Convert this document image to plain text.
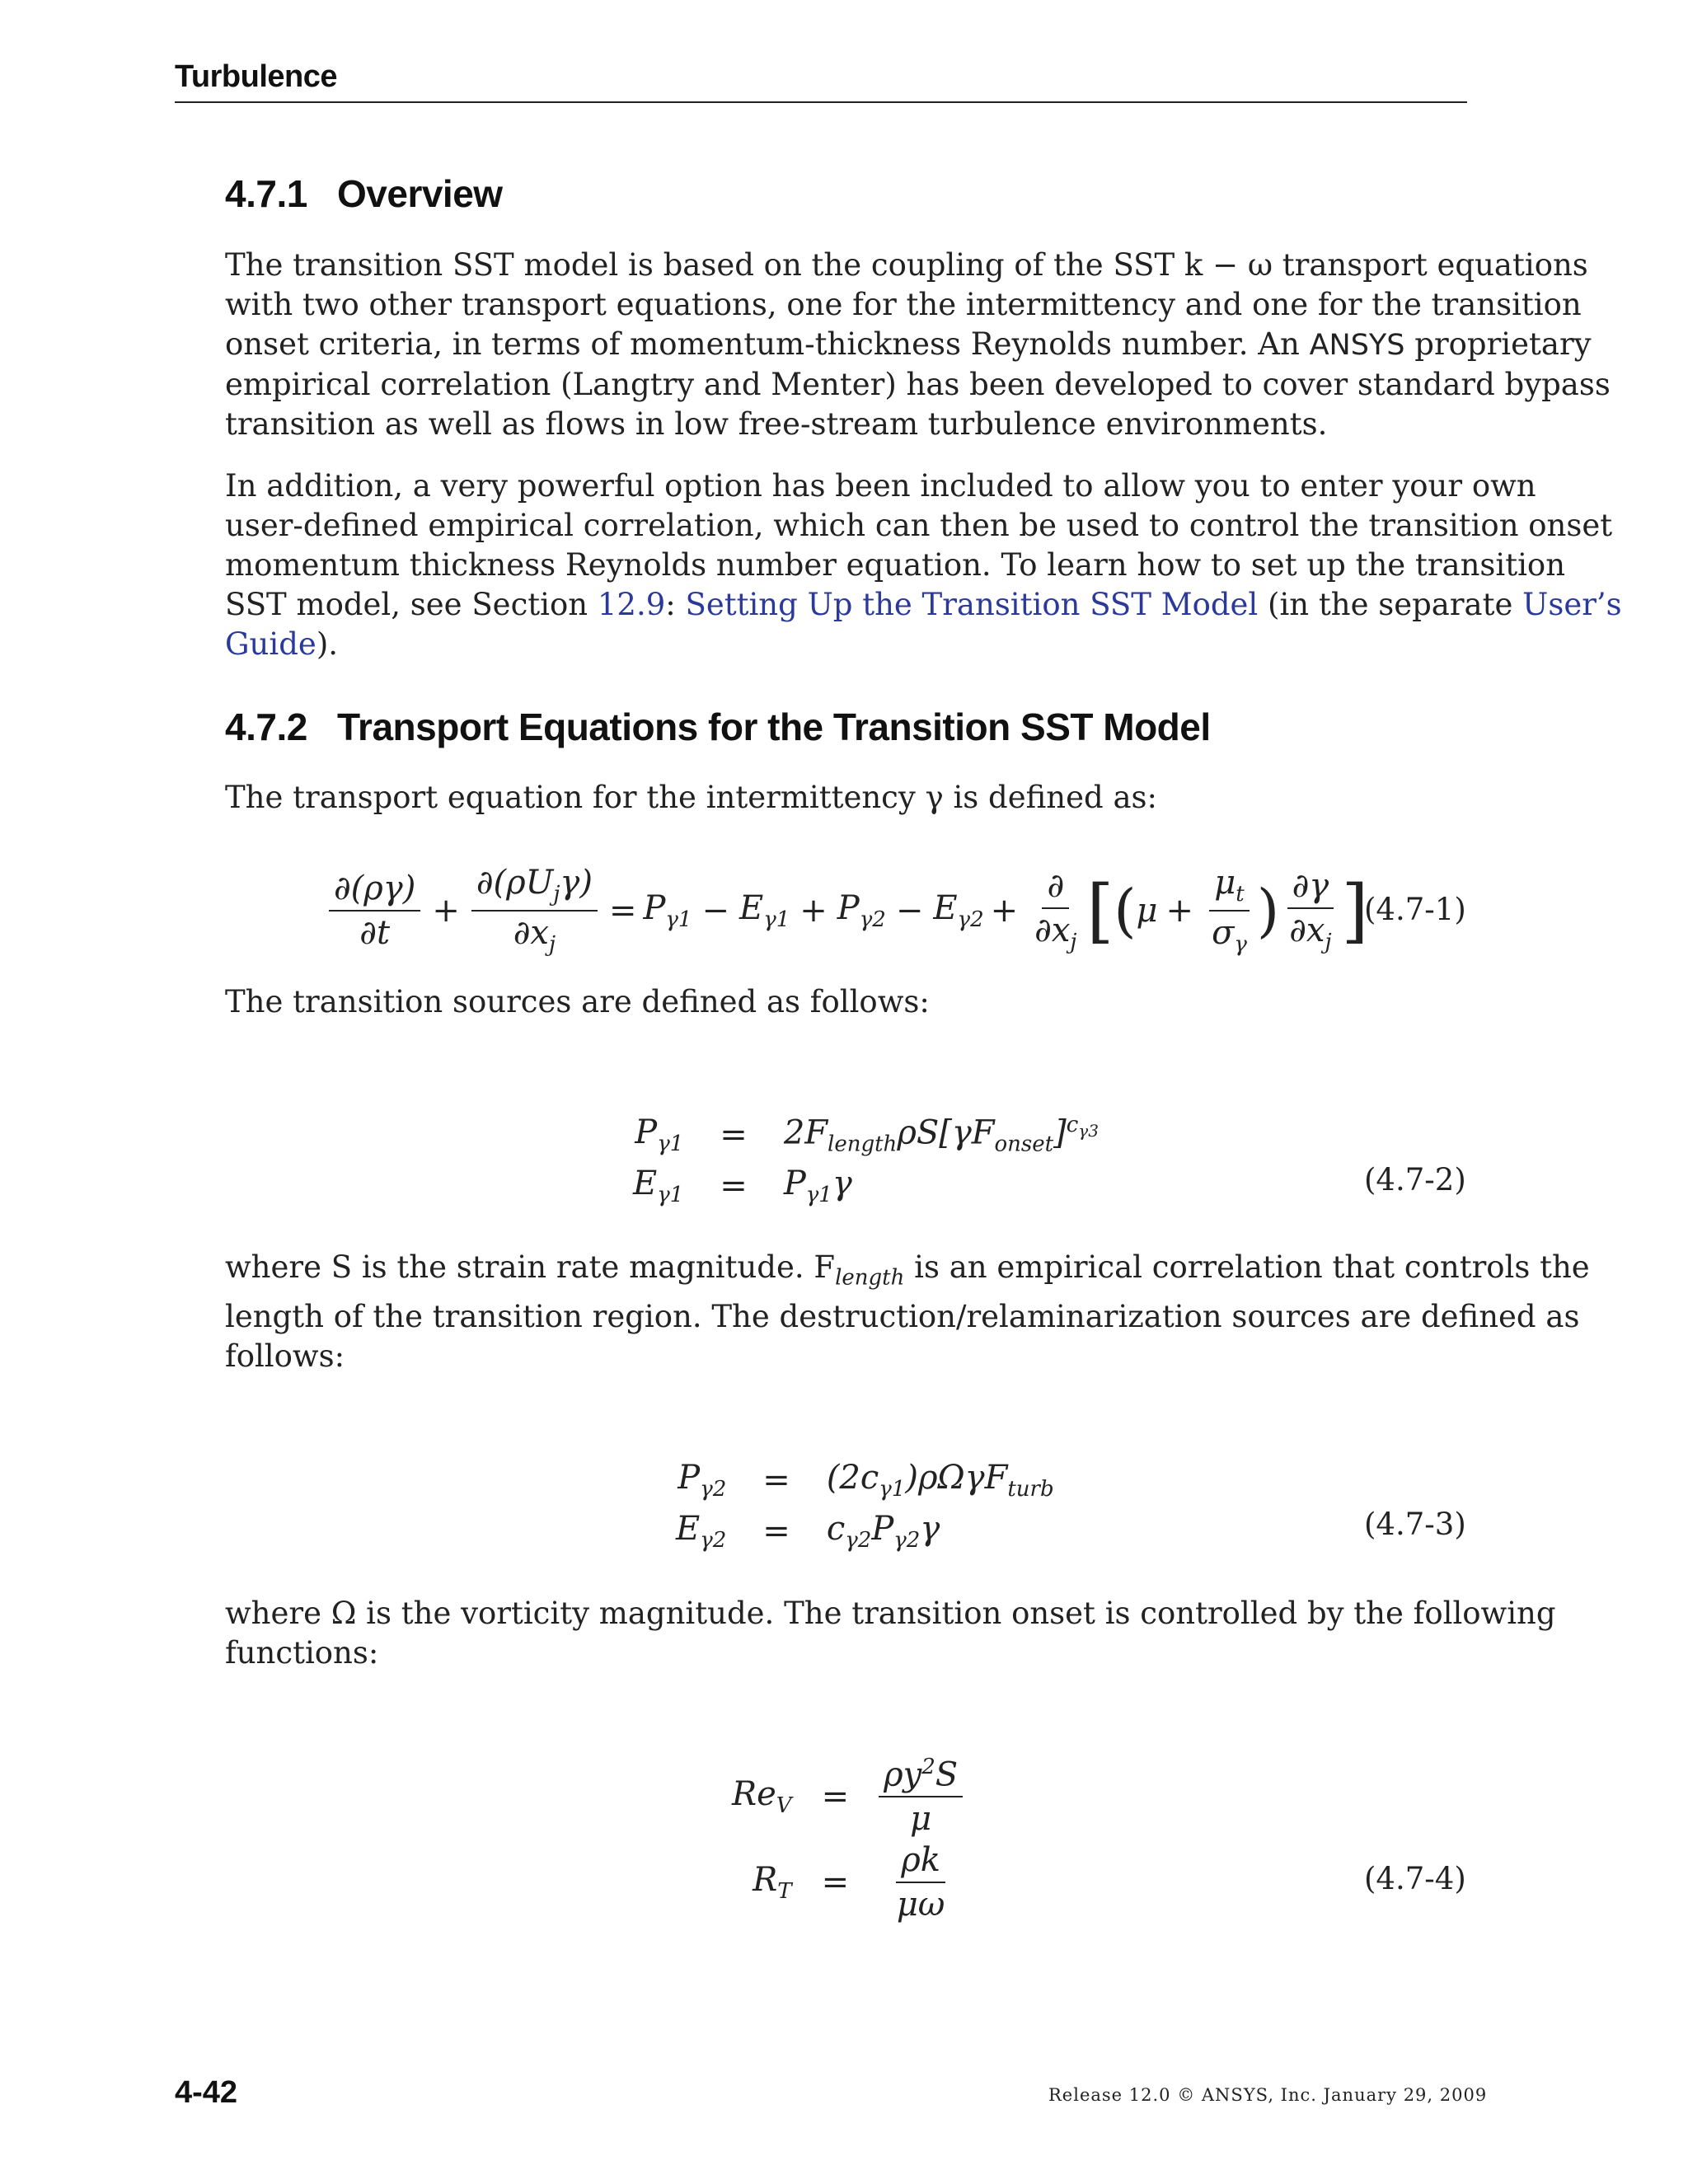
Turbulence
4.7.1 Overview
The transition SST model is based on the coupling of the SST k − ω transport equations
with two other transport equations, one for the intermittency and one for the transition
onset criteria, in terms of momentum-thickness Reynolds number. An ANSYS proprietary
empirical correlation (Langtry and Menter) has been developed to cover standard bypass
transition as well as flows in low free-stream turbulence environments.
In addition, a very powerful option has been included to allow you to enter your own
user-defined empirical correlation, which can then be used to control the transition onset
momentum thickness Reynolds number equation. To learn how to set up the transition
SST model, see Section 12.9: Setting Up the Transition SST Model (in the separate User’s
Guide).
4.7.2 Transport Equations for the Transition SST Model
The transport equation for the intermittency γ is defined as:
$\frac{\partial(\rho\gamma)}{\partial t} + \frac{\partial(\rho U_j\gamma)}{\partial x_j} = P_{\gamma 1} - E_{\gamma 1} + P_{\gamma 2} - E_{\gamma 2} + \frac{\partial}{\partial x_j}$ [ ( $\mu + \frac{\mu_t}{\sigma_\gamma}$ ) $\frac{\partial\gamma}{\partial x_j}$ ]
(4.7-1)
The transition sources are defined as follows:
$P_{\gamma 1} = 2F_{length}\rho S[\gamma F_{onset}]^{c_{\gamma 3}}$
$E_{\gamma 1} = P_{\gamma 1}\gamma$	(4.7-2)
where S is the strain rate magnitude. $F_{length}$ is an empirical correlation that controls the
length of the transition region. The destruction/relaminarization sources are defined as
follows:
$P_{\gamma 2} = (2c_{\gamma 1})\rho\Omega\gamma F_{turb}$
$E_{\gamma 2} = c_{\gamma 2}P_{\gamma 2}\gamma$	(4.7-3)
where Ω is the vorticity magnitude. The transition onset is controlled by the following
functions:
$Re_V = \frac{\rho y^2S}{\mu}$
$R_T = \frac{\rho k}{\mu\omega}$	(4.7-4)
4-42	Release 12.0 © ANSYS, Inc. January 29, 2009
